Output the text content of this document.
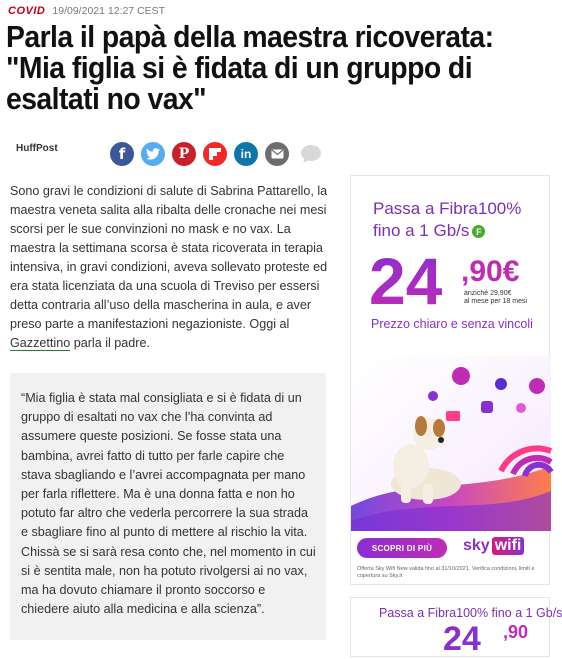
COVID 19/09/2021 12:27 CEST
Parla il papà della maestra ricoverata: "Mia figlia si è fidata di un gruppo di esaltati no vax"
HuffPost	f	P	in
Sono gravi le condizioni di salute di Sabrina Pattarello, la maestra veneta salita alla ribalta delle cronache nei mesi scorsi per le sue convinzioni no mask e no vax. La maestra la settimana scorsa è stata ricoverata in terapia intensiva, in gravi condizioni, aveva sollevato proteste ed era stata licenziata da una scuola di Treviso per essersi detta contraria all’uso della mascherina in aula, e aver preso parte a manifestazioni negazioniste. Oggi al Gazzettino parla il padre.
“Mia figlia è stata mal consigliata e si è fidata di un gruppo di esaltati no vax che l’ha convinta ad assumere queste posizioni. Se fosse stata una bambina, avrei fatto di tutto per farle capire che stava sbagliando e l’avrei accompagnata per mano per farla riflettere. Ma è una donna fatta e non ho potuto far altro che vederla percorrere la sua strada e sbagliare fino al punto di mettere al rischio la vita. Chissà se si sarà resa conto che, nel momento in cui si è sentita male, non ha potuto rivolgersi ai no vax, ma ha dovuto chiamare il pronto soccorso e chiedere aiuto alla medicina e alla scienza”.
Passa a Fibra100%
fino a 1 Gb/s F
24 ,90€
anziché 29,90€
al mese per 18 mesi
Prezzo chiaro e senza vincoli
SCOPRI DI PIÙ	sky wifi
Offerta Sky Wifi New valida fino al 31/10/2021. Verifica condizioni, limiti e copertura su Sky.it
Passa a Fibra100% fino a 1 Gb/s
24 ,90
